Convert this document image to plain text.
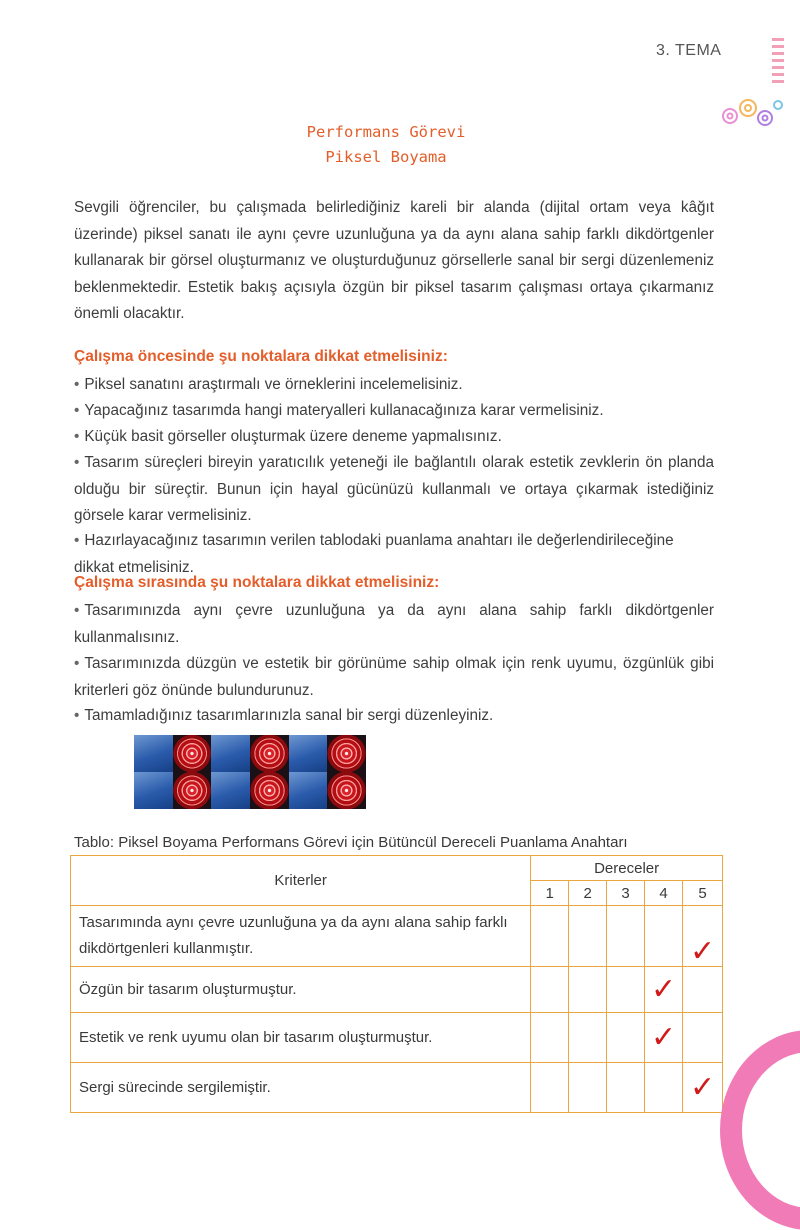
3. TEMA
Performans Görevi
Piksel Boyama
Sevgili öğrenciler, bu çalışmada belirlediğiniz kareli bir alanda (dijital ortam veya kâğıt üzerinde) piksel sanatı ile aynı çevre uzunluğuna ya da aynı alana sahip farklı dikdörtgenler kullanarak bir görsel oluşturmanız ve oluşturduğunuz görsellerle sanal bir sergi düzenlemeniz beklenmektedir. Estetik bakış açısıyla özgün bir piksel tasarım çalışması ortaya çıkarmanız önemli olacaktır.
Çalışma öncesinde şu noktalara dikkat etmelisiniz:
• Piksel sanatını araştırmalı ve örneklerini incelemelisiniz.
• Yapacağınız tasarımda hangi materyalleri kullanacağınıza karar vermelisiniz.
• Küçük basit görseller oluşturmak üzere deneme yapmalısınız.
• Tasarım süreçleri bireyin yaratıcılık yeteneği ile bağlantılı olarak estetik zevklerin ön planda olduğu bir süreçtir. Bunun için hayal gücünüzü kullanmalı ve ortaya çıkarmak istediğiniz görsele karar vermelisiniz.
• Hazırlayacağınız tasarımın verilen tablodaki puanlama anahtarı ile değerlendirileceğine dikkat etmelisiniz.
Çalışma sırasında şu noktalara dikkat etmelisiniz:
• Tasarımınızda aynı çevre uzunluğuna ya da aynı alana sahip farklı dikdörtgenler kullanmalısınız.
• Tasarımınızda düzgün ve estetik bir görünüme sahip olmak için renk uyumu, özgünlük gibi kriterleri göz önünde bulundurunuz.
• Tamamladığınız tasarımlarınızla sanal bir sergi düzenleyiniz.
Tablo: Piksel Boyama Performans Görevi için Bütüncül Dereceli Puanlama Anahtarı
Kriterler	Dereceler				
	1	2	3	4	5
Tasarımında aynı çevre uzunluğuna ya da aynı alana sahip farklı dikdörtgenleri kullanmıştır.					✓
Özgün bir tasarım oluşturmuştur.				✓	
Estetik ve renk uyumu olan bir tasarım oluşturmuştur.				✓	
Sergi sürecinde sergilemiştir.					✓
